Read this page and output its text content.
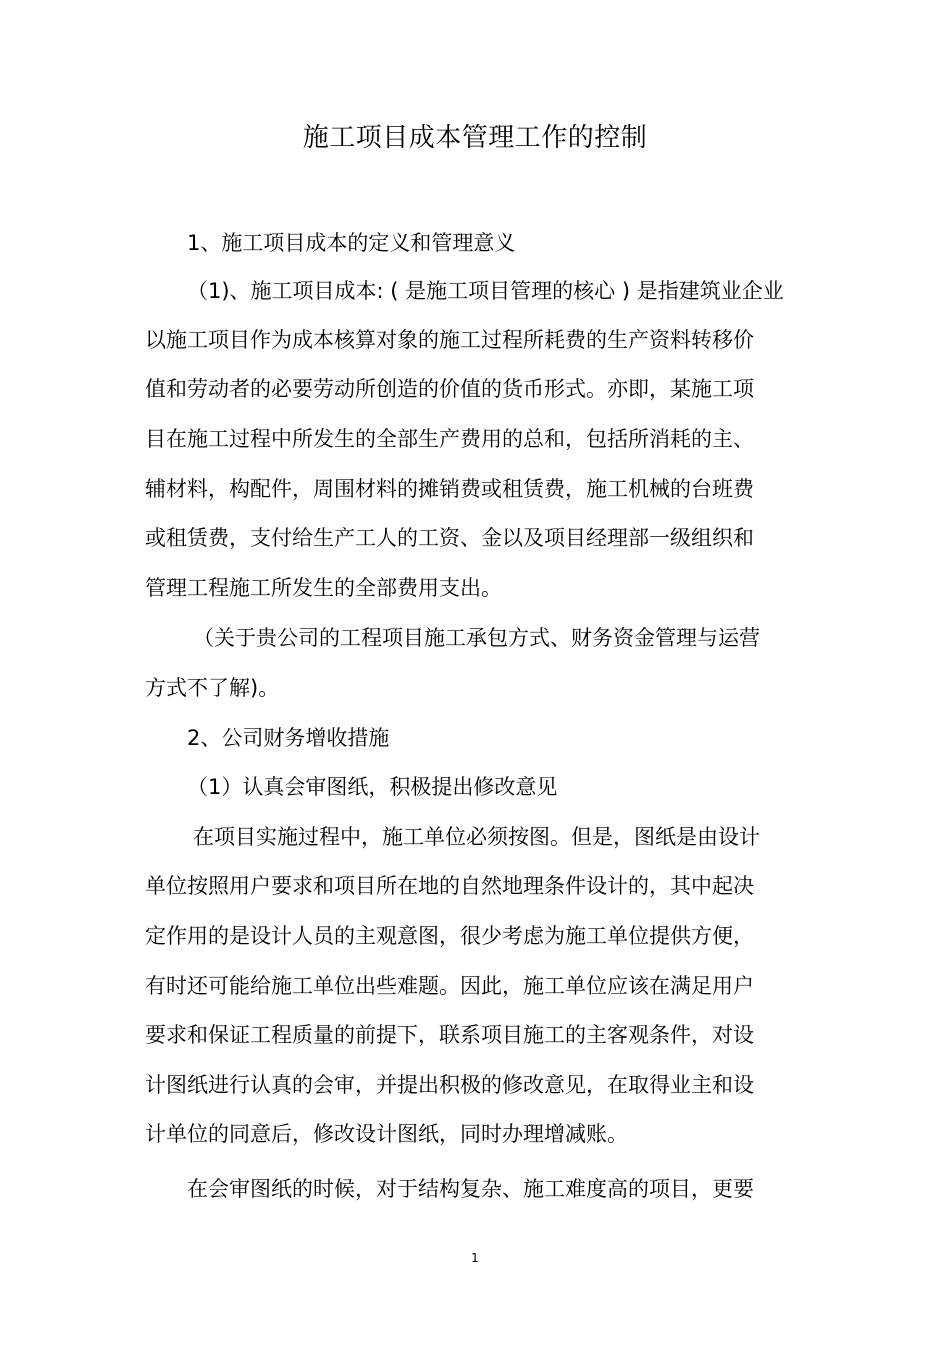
施工项目成本管理工作的控制
1、施工项目成本的定义和管理意义
（1)、施工项目成本: ( 是施工项目管理的核心 ) 是指建筑业企业
以施工项目作为成本核算对象的施工过程所耗费的生产资料转移价
值和劳动者的必要劳动所创造的价值的货币形式。亦即，某施工项
目在施工过程中所发生的全部生产费用的总和，包括所消耗的主、
辅材料，构配件，周围材料的摊销费或租赁费，施工机械的台班费
或租赁费，支付给生产工人的工资、金以及项目经理部一级组织和
管理工程施工所发生的全部费用支出。
（关于贵公司的工程项目施工承包方式、财务资金管理与运营
方式不了解)。
2、公司财务增收措施
（1）认真会审图纸，积极提出修改意见
在项目实施过程中，施工单位必须按图。但是，图纸是由设计
单位按照用户要求和项目所在地的自然地理条件设计的，其中起决
定作用的是设计人员的主观意图，很少考虑为施工单位提供方便，
有时还可能给施工单位出些难题。因此，施工单位应该在满足用户
要求和保证工程质量的前提下，联系项目施工的主客观条件，对设
计图纸进行认真的会审，并提出积极的修改意见，在取得业主和设
计单位的同意后，修改设计图纸，同时办理增减账。
在会审图纸的时候，对于结构复杂、施工难度高的项目，更要
1
